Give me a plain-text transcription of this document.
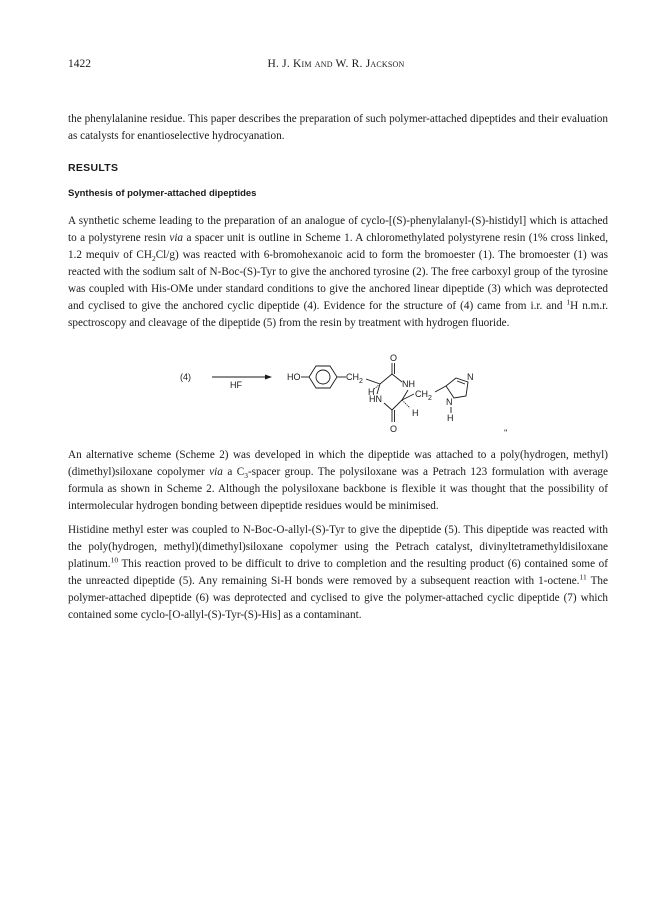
1422	H. J. Kim and W. R. Jackson
the phenylalanine residue. This paper describes the preparation of such polymer-attached dipeptides and their evaluation as catalysts for enantioselective hydrocyanation.
RESULTS
Synthesis of polymer-attached dipeptides
A synthetic scheme leading to the preparation of an analogue of cyclo-[(S)-phenylalanyl-(S)-histidyl] which is attached to a polystyrene resin via a spacer unit is outline in Scheme 1. A chloromethylated polystyrene resin (1% cross linked, 1.2 mequiv of $CH_2Cl/g$) was reacted with 6-bromohexanoic acid to form the bromoester (1). The bromoester (1) was reacted with the sodium salt of N-Boc-(S)-Tyr to give the anchored tyrosine (2). The free carboxyl group of the tyrosine was coupled with His-OMe under standard conditions to give the anchored linear dipeptide (3) which was deprotected and cyclised to give the anchored cyclic dipeptide (4). Evidence for the structure of (4) came from i.r. and $^1$H n.m.r. spectroscopy and cleavage of the dipeptide (5) from the resin by treatment with hydrogen fluoride.
(4)
HF
HO	$CH_2$
O
NH
O
HN
H
H
$CH_2$
N
N
H
''
An alternative scheme (Scheme 2) was developed in which the dipeptide was attached to a poly(hydrogen, methyl)(dimethyl)siloxane copolymer via a $C_3$-spacer group. The polysiloxane was a Petrach 123 formulation with average formula as shown in Scheme 2. Although the polysiloxane backbone is flexible it was thought that the possibility of intermolecular hydrogen bonding between dipeptide residues would be minimised.
Histidine methyl ester was coupled to N-Boc-O-allyl-(S)-Tyr to give the dipeptide (5). This dipeptide was reacted with the poly(hydrogen, methyl)(dimethyl)siloxane copolymer using the Petrach catalyst, divinyltetramethyldisiloxane platinum.$^{10}$ This reaction proved to be difficult to drive to completion and the resulting product (6) contained some of the unreacted dipeptide (5). Any remaining Si-H bonds were removed by a subsequent reaction with 1-octene.$^{11}$ The polymer-attached dipeptide (6) was deprotected and cyclised to give the polymer-attached cyclic dipeptide (7) which contained some cyclo-[O-allyl-(S)-Tyr-(S)-His] as a contaminant.
